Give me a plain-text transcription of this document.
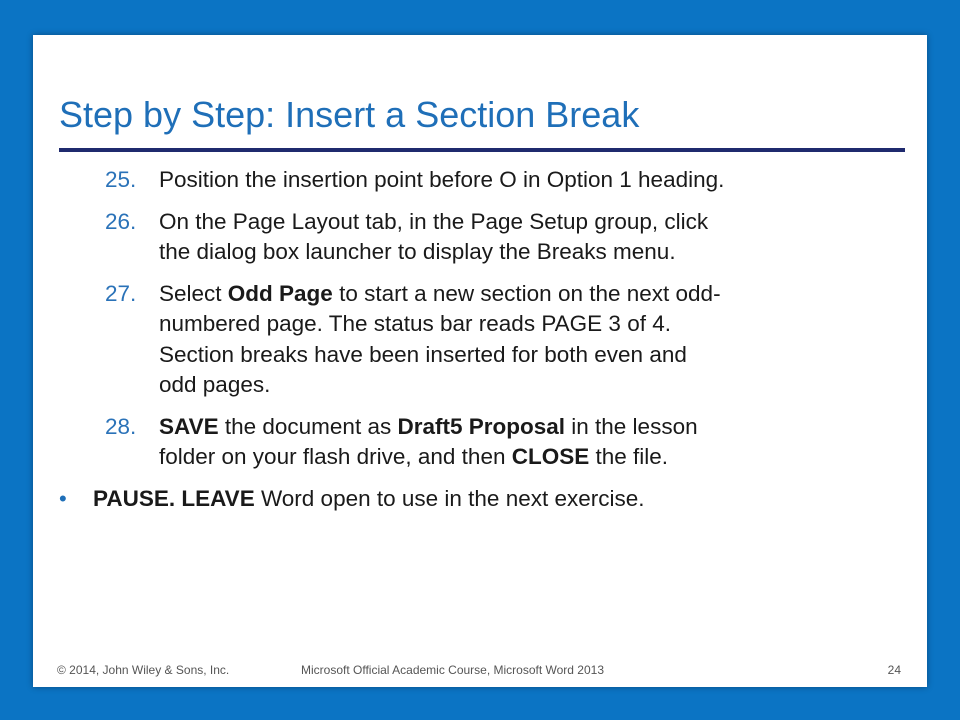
Step by Step: Insert a Section Break
25. Position the insertion point before O in Option 1 heading.
26. On the Page Layout tab, in the Page Setup group, click
the dialog box launcher to display the Breaks menu.
27. Select Odd Page to start a new section on the next odd-
numbered page. The status bar reads PAGE 3 of 4.
Section breaks have been inserted for both even and
odd pages.
28. SAVE the document as Draft5 Proposal in the lesson
folder on your flash drive, and then CLOSE the file.
• PAUSE. LEAVE Word open to use in the next exercise.
© 2014, John Wiley & Sons, Inc.	Microsoft Official Academic Course, Microsoft Word 2013	24
